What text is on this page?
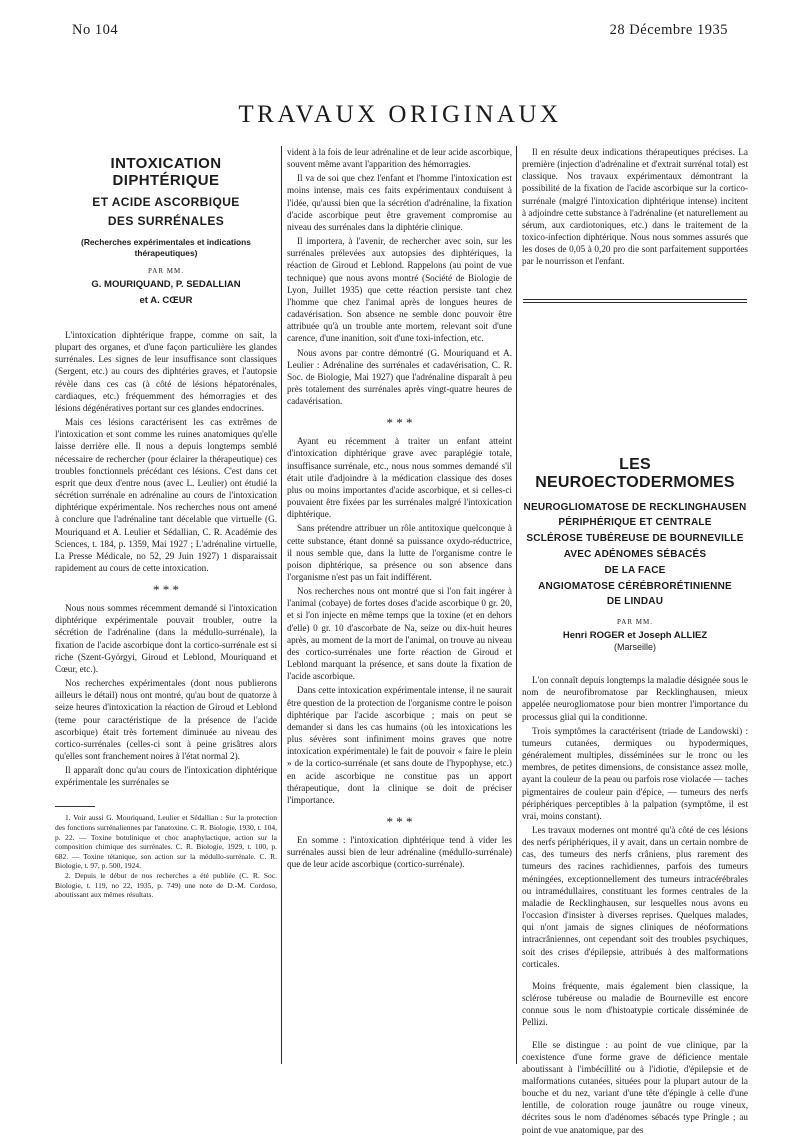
No 104	28 Décembre 1935
TRAVAUX ORIGINAUX
INTOXICATION DIPHTÉRIQUE
ET ACIDE ASCORBIQUE
DES SURRÉNALES
(Recherches expérimentales et indications thérapeutiques)
PAR MM.
G. MOURIQUAND, P. SEDALLIAN
et A. CŒUR

L'intoxication diphtérique frappe, comme on sait, la plupart des organes, et d'une façon particulière les glandes surrénales. Les signes de leur insuffisance sont classiques (Sergent, etc.) au cours des diphtéries graves, et l'autopsie révèle dans ces cas (à côté de lésions hépatorénales, cardiaques, etc.) fréquemment des hémorragies et des lésions dégénératives portant sur ces glandes endocrines.

Mais ces lésions caractérisent les cas extrêmes de l'intoxication et sont comme les ruines anatomiques qu'elle laisse derrière elle. Il nous a depuis longtemps semblé nécessaire de rechercher (pour éclairer la thérapeutique) ces troubles fonctionnels précédant ces lésions. C'est dans cet esprit que deux d'entre nous (avec L. Leulier) ont étudié la sécrétion surrénale en adrénaline au cours de l'intoxication diphtérique expérimentale. Nos recherches nous ont amené à conclure que l'adrénaline tant décelable que virtuelle (G. Mouriquand et A. Leulier et Sédallian, C. R. Académie des Sciences, t. 184, p. 1359, Mai 1927 ; L'adrénaline virtuelle, La Presse Médicale, no 52, 29 Juin 1927) 1 disparaissait rapidement au cours de cette intoxication.

* * *

Nous nous sommes récemment demandé si l'intoxication diphtérique expérimentale pouvait troubler, outre la sécrétion de l'adrénaline (dans la médullo-surrénale), la fixation de l'acide ascorbique dont la cortico-surrénale est si riche (Szent-Györgyi, Giroud et Leblond, Mouriquand et Cœur, etc.).

Nos recherches expérimentales (dont nous publierons ailleurs le détail) nous ont montré, qu'au bout de quatorze à seize heures d'intoxication la réaction de Giroud et Leblond (teme pour caractéristique de la présence de l'acide ascorbique) était très fortement diminuée au niveau des cortico-surrénales (celles-ci sont à peine grisâtres alors qu'elles sont franchement noires à l'état normal 2).

Il apparaît donc qu'au cours de l'intoxication diphtérique expérimentale les surrénales se

1. Voir aussi G. Mouriquand, Leulier et Sédallian : Sur la protection des fonctions surrénaliennes par l'anatoxine. C. R. Biologie, 1930, t. 104, p. 22. — Toxine botulinique et choc anaphylactique, action sur la composition chimique des surrénales. C. R. Biologie, 1929, t. 100, p. 682. — Toxine tétanique, son action sur la médullo-surrénale. C. R. Biologie, t. 97, p. 500, 1924.

2. Depuis le début de nos recherches a été publiée (C. R. Soc. Biologie, t. 119, no 22, 1935, p. 749) une note de D.-M. Cordoso, aboutissant aux mêmes résultats.

vident à la fois de leur adrénaline et de leur acide ascorbique, souvent même avant l'apparition des hémorragies.

Il va de soi que chez l'enfant et l'homme l'intoxication est moins intense, mais ces faits expérimentaux conduisent à l'idée, qu'aussi bien que la sécrétion d'adrénaline, la fixation d'acide ascorbique peut être gravement compromise au niveau des surrénales dans la diphtérie clinique.

Il importera, à l'avenir, de rechercher avec soin, sur les surrénales prélevées aux autopsies des diphtériques, la réaction de Giroud et Leblond. Rappelons (au point de vue technique) que nous avons montré (Société de Biologie de Lyon, Juillet 1935) que cette réaction persiste tant chez l'homme que chez l'animal après de longues heures de cadavérisation. Son absence ne semble donc pouvoir être attribuée qu'à un trouble ante mortem, relevant soit d'une carence, d'une inanition, soit d'une toxi-infection, etc.

Nous avons par contre démontré (G. Mouriquand et A. Leulier : Adrénaline des surrénales et cadavérisation, C. R. Soc. de Biologie, Mai 1927) que l'adrénaline disparaît à peu près totalement des surrénales après vingt-quatre heures de cadavérisation.

* * *

Ayant eu récemment à traiter un enfant atteint d'intoxication diphtérique grave avec paraplégie totale, insuffisance surrénale, etc., nous nous sommes demandé s'il était utile d'adjoindre à la médication classique des doses plus ou moins importantes d'acide ascorbique, et si celles-ci pouvaient être fixées par les surrénales malgré l'intoxication diphtérique.

Sans prétendre attribuer un rôle antitoxique quelconque à cette substance, étant donné sa puissance oxydo-réductrice, il nous semble que, dans la lutte de l'organisme contre le poison diphtérique, sa présence ou son absence dans l'organisme n'est pas un fait indifférent.

Nos recherches nous ont montré que si l'on fait ingérer à l'animal (cobaye) de fortes doses d'acide ascorbique 0 gr. 20, et si l'on injecte en même temps que la toxine (et en dehors d'elle) 0 gr. 10 d'ascorbate de Na, seize ou dix-huit heures après, au moment de la mort de l'animal, on trouve au niveau des cortico-surrénales une forte réaction de Giroud et Leblond marquant la présence, et sans doute la fixation de l'acide ascorbique.

Dans cette intoxication expérimentale intense, il ne saurait être question de la protection de l'organisme contre le poison diphtérique par l'acide ascorbique ; mais on peut se demander si dans les cas humains (où les intoxications les plus sévères sont infiniment moins graves que notre intoxication expérimentale) le fait de pouvoir « faire le plein » de la cortico-surrénale (et sans doute de l'hypophyse, etc.) en acide ascorbique ne constitue pas un apport thérapeutique, dont la clinique se doit de préciser l'importance.

* * *

En somme : l'intoxication diphtérique tend à vider les surrénales aussi bien de leur adrénaline (médullo-surrénale) que de leur acide ascorbique (cortico-surrénale).

Il en résulte deux indications thérapeutiques précises. La première (injection d'adrénaline et d'extrait surrénal total) est classique. Nos travaux expérimentaux démontrant la possibilité de la fixation de l'acide ascorbique sur la cortico-surrénale (malgré l'intoxication diphtérique intense) incitent à adjoindre cette substance à l'adrénaline (et naturellement au sérum, aux cardiotoniques, etc.) dans le traitement de la toxico-infection diphtérique. Nous nous sommes assurés que les doses de 0,05 à 0,20 pro die sont parfaitement supportées par le nourrisson et l'enfant.

LES NEUROECTODERMOMES
NEUROGLIOMATOSE DE RECKLINGHAUSEN
PÉRIPHÉRIQUE ET CENTRALE
SCLÉROSE TUBÉREUSE DE BOURNEVILLE
AVEC ADÉNOMES SÉBACÉS
DE LA FACE
ANGIOMATOSE CÉRÉBRORÉTINIENNE
DE LINDAU
PAR MM.
Henri ROGER et Joseph ALLIEZ
(Marseille)

L'on connaît depuis longtemps la maladie désignée sous le nom de neurofibromatose par Recklinghausen, mieux appelée neurogliomatose pour bien montrer l'importance du processus glial qui la conditionne.

Trois symptômes la caractérisent (triade de Landowski) : tumeurs cutanées, dermiques ou hypodermiques, généralement multiples, disséminées sur le tronc ou les membres, de petites dimensions, de consistance assez molle, ayant la couleur de la peau ou parfois rose violacée — taches pigmentaires de couleur pain d'épice, — tumeurs des nerfs périphériques perceptibles à la palpation (symptôme, il est vrai, moins constant).

Les travaux modernes ont montré qu'à côté de ces lésions des nerfs périphériques, il y avait, dans un certain nombre de cas, des tumeurs des nerfs crâniens, plus rarement des tumeurs des racines rachidiennes, parfois des tumeurs méningées, exceptionnellement des tumeurs intracérébrales ou intramédullaires, constituant les formes centrales de la maladie de Recklinghausen, sur lesquelles nous avons eu l'occasion d'insister à diverses reprises. Quelques malades, qui n'ont jamais de signes cliniques de néoformations intracrâniennes, ont cependant soit des troubles psychiques, soit des crises d'épilepsie, attribués à des malformations corticales.

Moins fréquente, mais également bien classique, la sclérose tubéreuse ou maladie de Bourneville est encore connue sous le nom d'histoatypie corticale disséminée de Pellizi.

Elle se distingue : au point de vue clinique, par la coexistence d'une forme grave de déficience mentale aboutissant à l'imbécillité ou à l'idiotie, d'épilepsie et de malformations cutanées, situées pour la plupart autour de la bouche et du nez, variant d'une tête d'épingle à celle d'une lentille, de coloration rouge jaunâtre ou rouge vineux, décrites sous le nom d'adénomes sébacés type Pringle ; au point de vue anatomique, par des
